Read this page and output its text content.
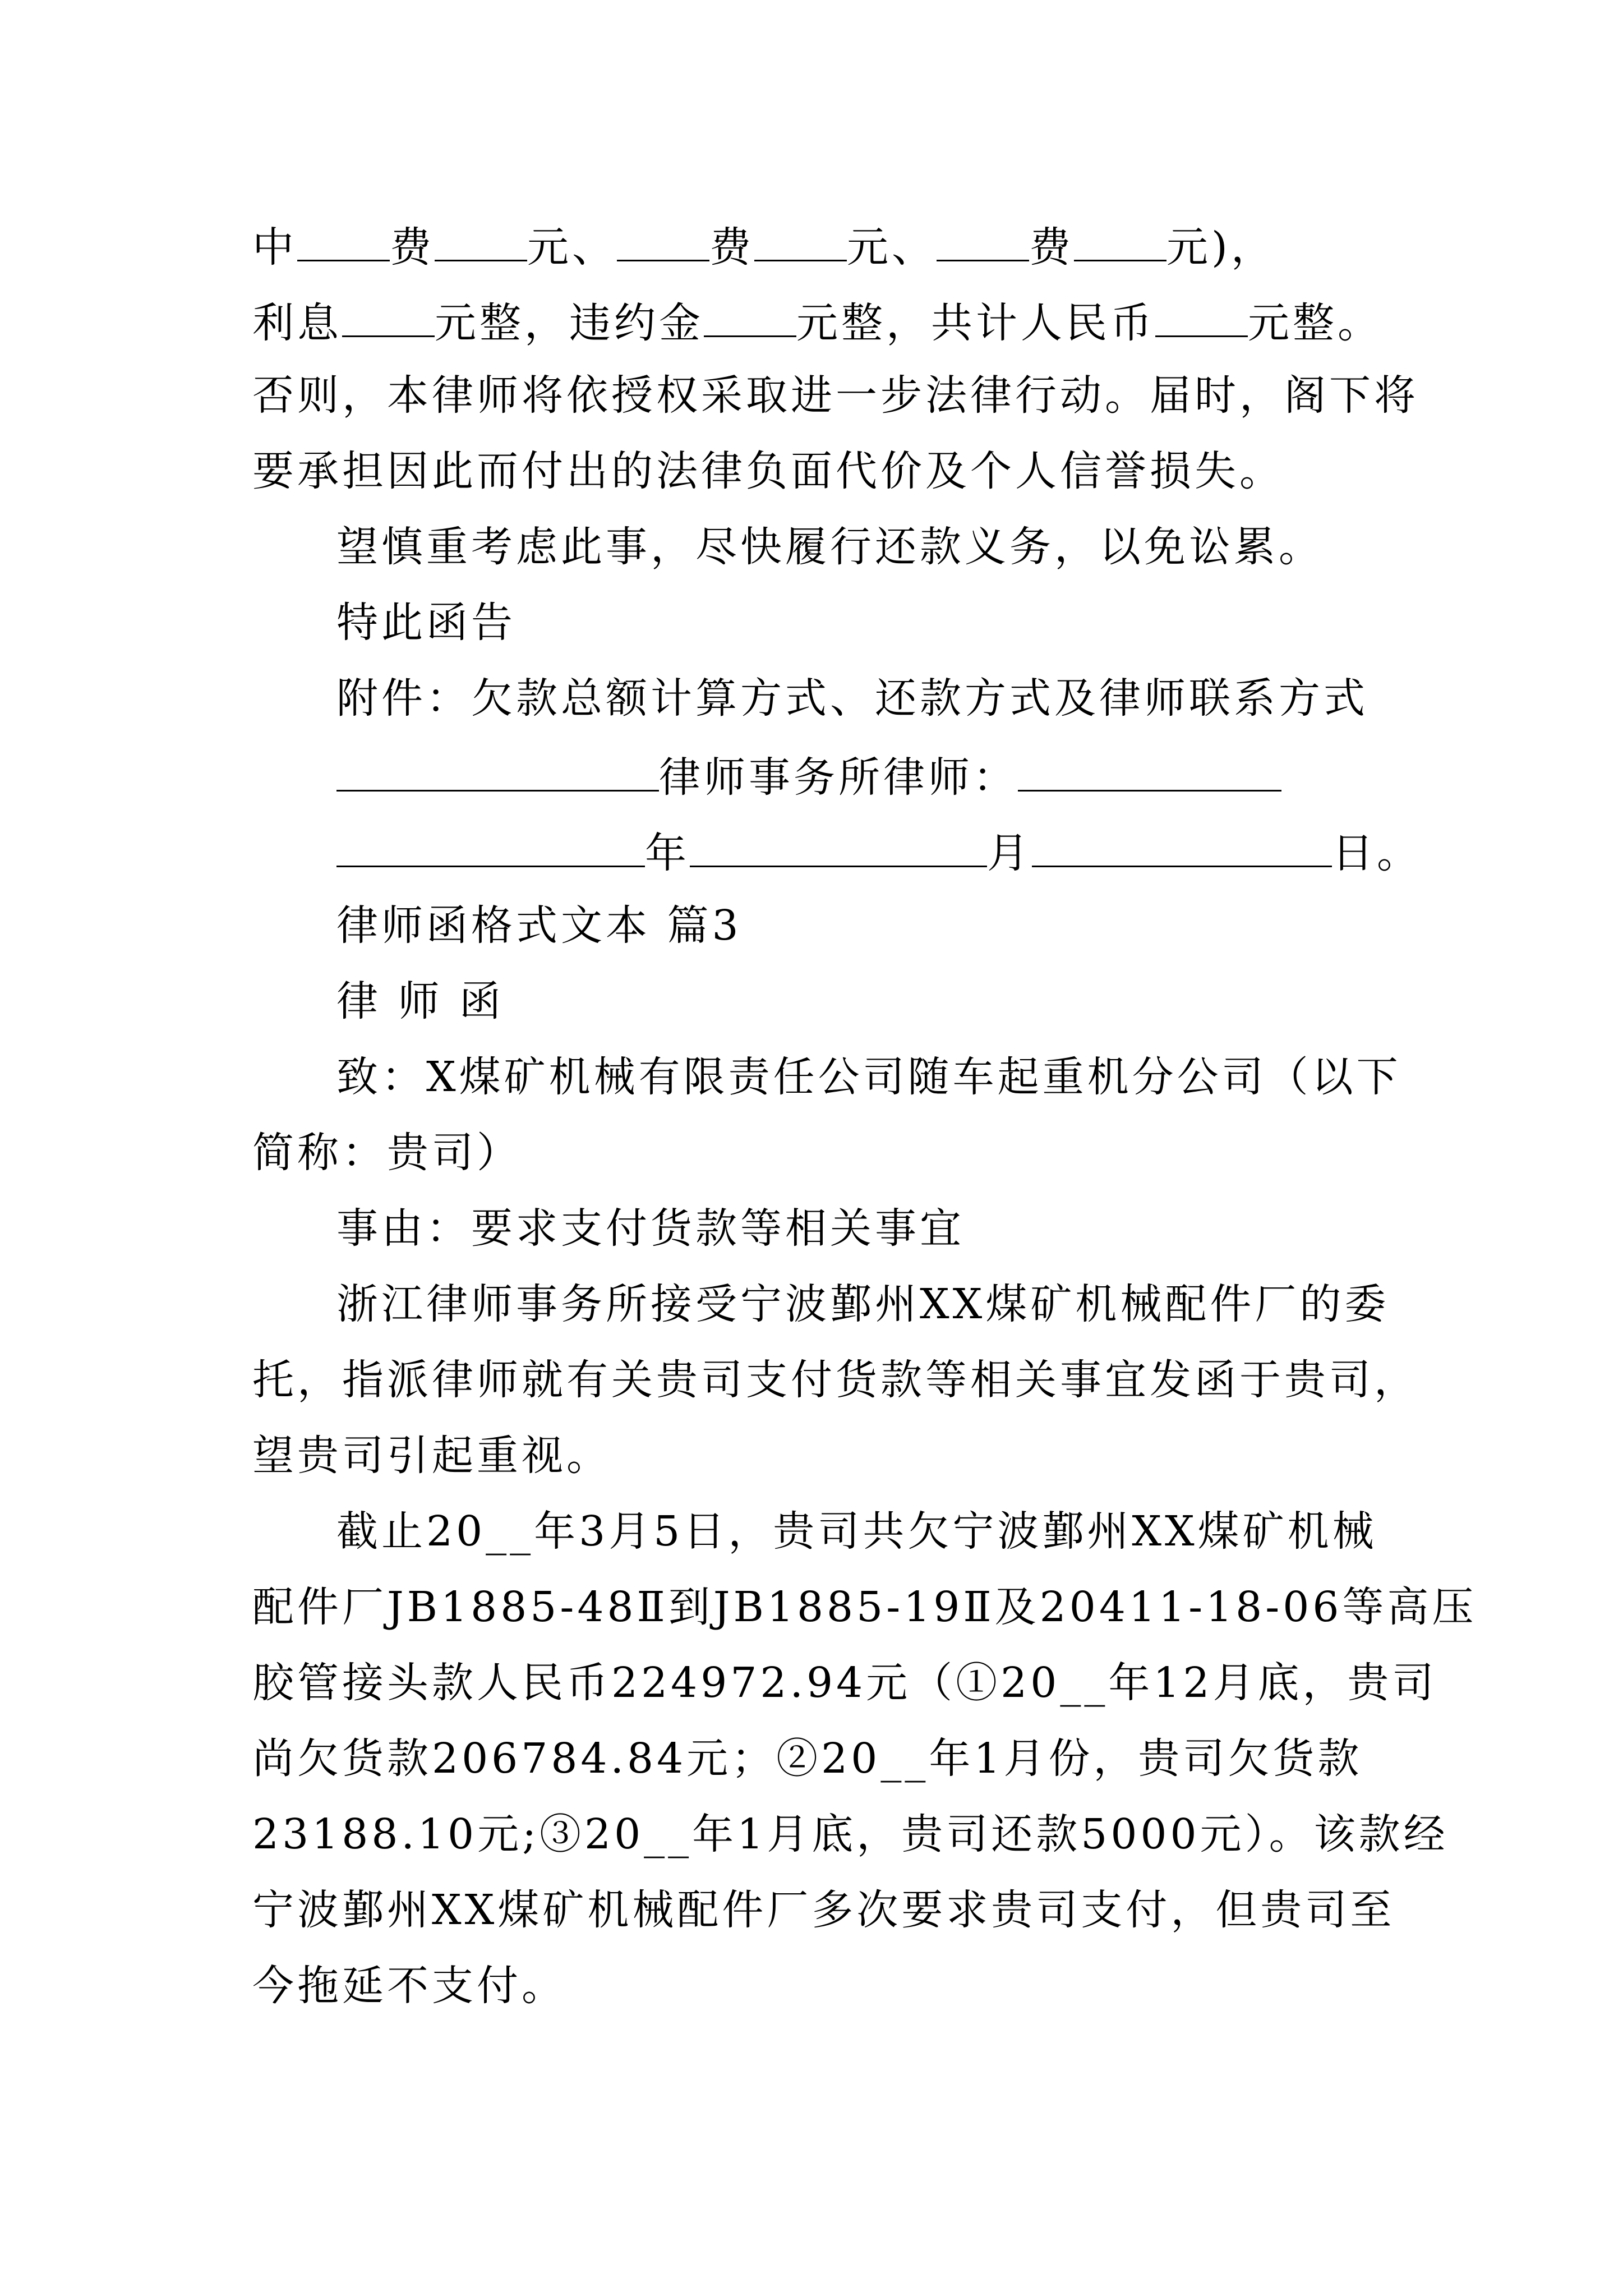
中 费 元、 费 元、 费 元)，
利息 元整，违约金 元整，共计人民币 元整。
否则，本律师将依授权采取进一步法律行动。届时，阁下将
要承担因此而付出的法律负面代价及个人信誉损失。
望慎重考虑此事，尽快履行还款义务，以免讼累。
特此函告
附件：欠款总额计算方式、还款方式及律师联系方式
律师事务所律师：
年	月	日。
律师函格式文本 篇3
律 师 函
致：X煤矿机械有限责任公司随车起重机分公司（以下
简称：贵司）
事由：要求支付货款等相关事宜
浙江律师事务所接受宁波鄞州XX煤矿机械配件厂的委
托，指派律师就有关贵司支付货款等相关事宜发函于贵司，
望贵司引起重视。
截止20__年3月5日，贵司共欠宁波鄞州XX煤矿机械
配件厂JB1885-48Ⅱ到JB1885-19Ⅱ及20411-18-06等高压
胶管接头款人民币224972.94元（①20__年12月底，贵司
尚欠货款206784.84元；②20__年1月份，贵司欠货款
23188.10元;③20__年1月底，贵司还款5000元）。该款经
宁波鄞州XX煤矿机械配件厂多次要求贵司支付，但贵司至
今拖延不支付。
